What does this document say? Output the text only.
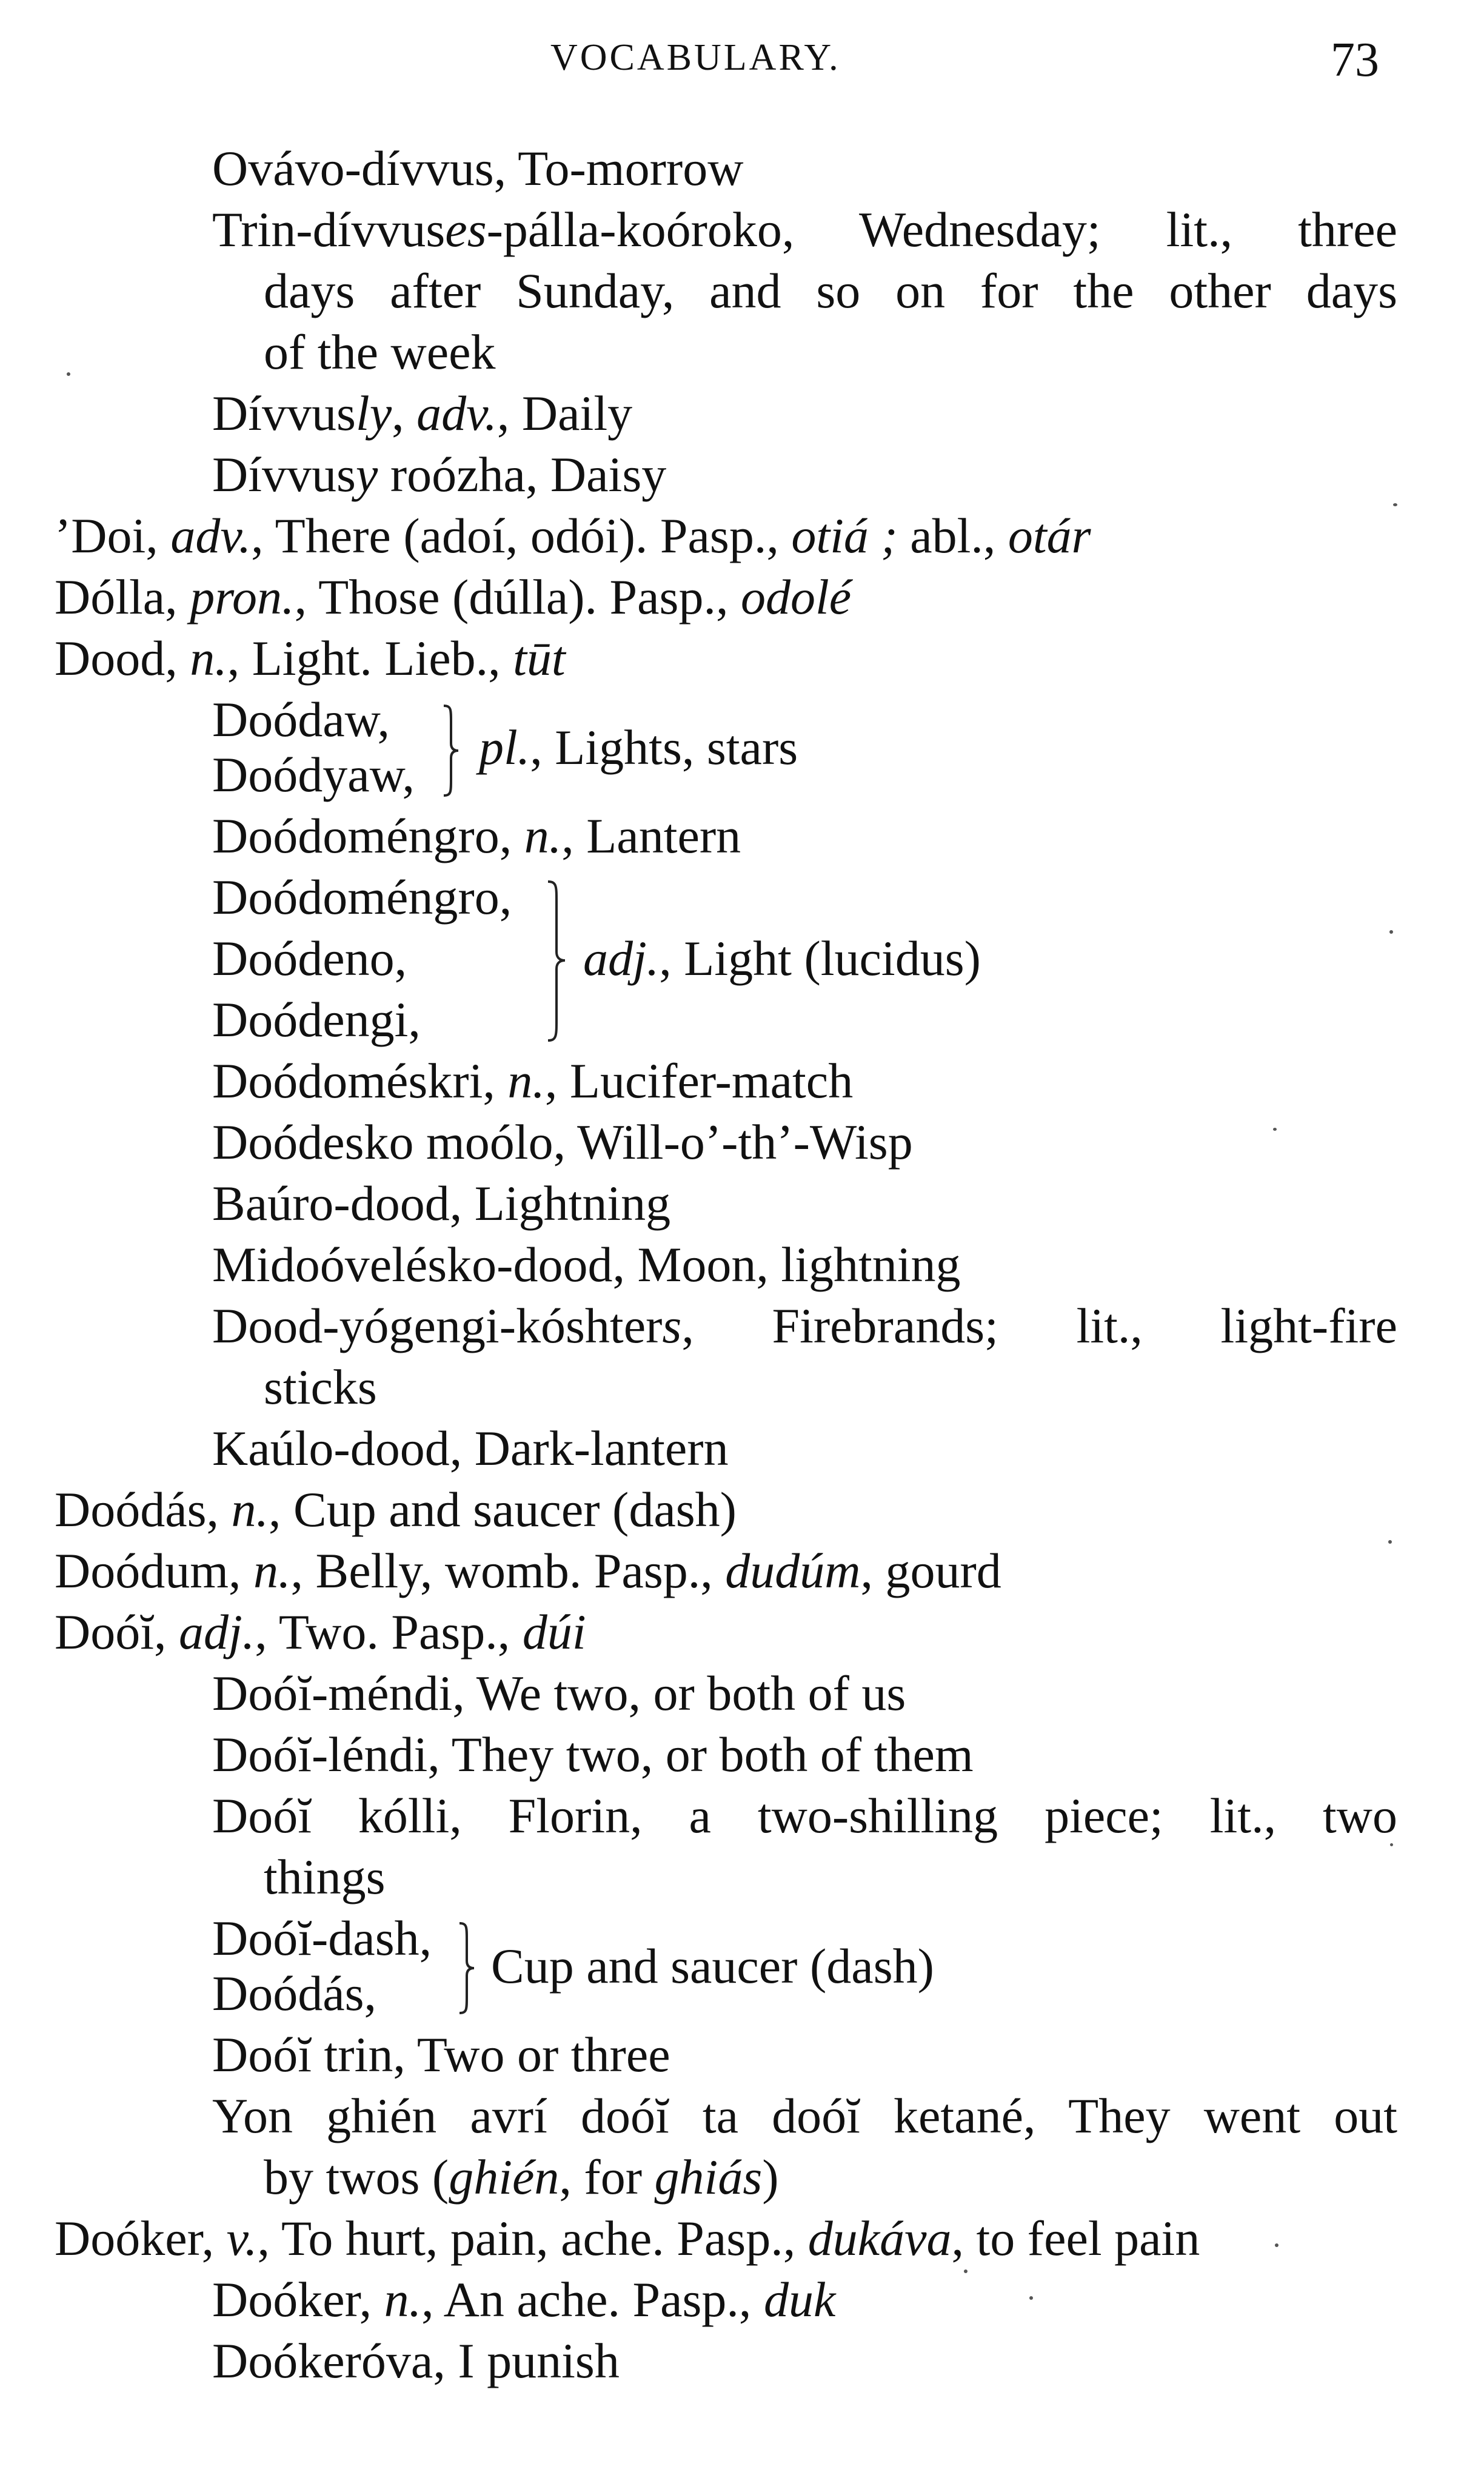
VOCABULARY.	73
Ovávo-dívvus, To-morrow
Trin-dívvuses-pálla-koóroko, Wednesday; lit., three
days after Sunday, and so on for the other days
of the week
Dívvusly, adv., Daily
Dívvusy roózha, Daisy
’Doi, adv., There (adoí, odói). Pasp., otiá ; abl., otár
Dólla, pron., Those (dúlla). Pasp., odolé
Dood, n., Light. Lieb., tūt
Doódaw,
Doódyaw, pl., Lights, stars
Doódoméngro, n., Lantern
Doódoméngro,
Doódeno,
Doódengi,
adj., Light (lucidus)
Doódoméskri, n., Lucifer-match
Doódesko moólo, Will-o’-th’-Wisp
Baúro-dood, Lightning
Midoóvelésko-dood, Moon, lightning
Dood-yógengi-kóshters, Firebrands; lit., light-fire
sticks
Kaúlo-dood, Dark-lantern
Doódás, n., Cup and saucer (dash)
Doódum, n., Belly, womb. Pasp., dudúm, gourd
Doóĭ, adj., Two. Pasp., dúi
Doóĭ-méndi, We two, or both of us
Doóĭ-léndi, They two, or both of them
Doóĭ kólli, Florin, a two-shilling piece; lit., two
things
Doóĭ-dash,
Doódás, Cup and saucer (dash)
Doóĭ trin, Two or three
Yon ghién avrí doóĭ ta doóĭ ketané, They went out
by twos (ghién, for ghiás)
Doóker, v., To hurt, pain, ache. Pasp., dukáva, to feel pain
Doóker, n., An ache. Pasp., duk
Doókeróva, I punish
